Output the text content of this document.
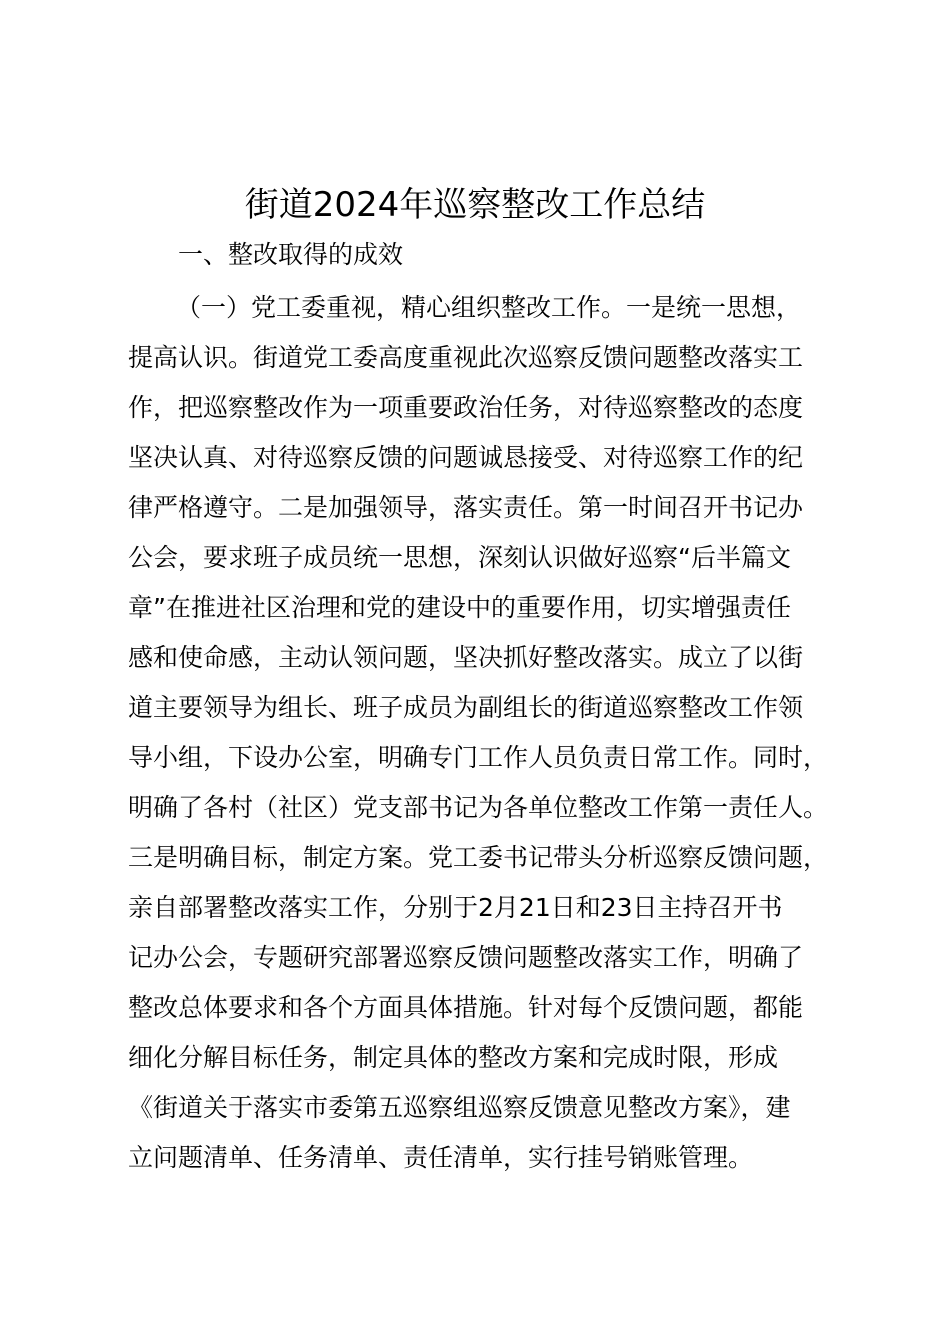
街道2024年巡察整改工作总结

一、整改取得的成效

（一）党工委重视，精心组织整改工作。一是统一思想，
提高认识。街道党工委高度重视此次巡察反馈问题整改落实工
作，把巡察整改作为一项重要政治任务，对待巡察整改的态度
坚决认真、对待巡察反馈的问题诚恳接受、对待巡察工作的纪
律严格遵守。二是加强领导，落实责任。第一时间召开书记办
公会，要求班子成员统一思想，深刻认识做好巡察“后半篇文
章”在推进社区治理和党的建设中的重要作用，切实增强责任
感和使命感，主动认领问题，坚决抓好整改落实。成立了以街
道主要领导为组长、班子成员为副组长的街道巡察整改工作领
导小组，下设办公室，明确专门工作人员负责日常工作。同时，
明确了各村（社区）党支部书记为各单位整改工作第一责任人。
三是明确目标，制定方案。党工委书记带头分析巡察反馈问题，
亲自部署整改落实工作，分别于2月21日和23日主持召开书
记办公会，专题研究部署巡察反馈问题整改落实工作，明确了
整改总体要求和各个方面具体措施。针对每个反馈问题，都能
细化分解目标任务，制定具体的整改方案和完成时限，形成
《街道关于落实市委第五巡察组巡察反馈意见整改方案》，建
立问题清单、任务清单、责任清单，实行挂号销账管理。
